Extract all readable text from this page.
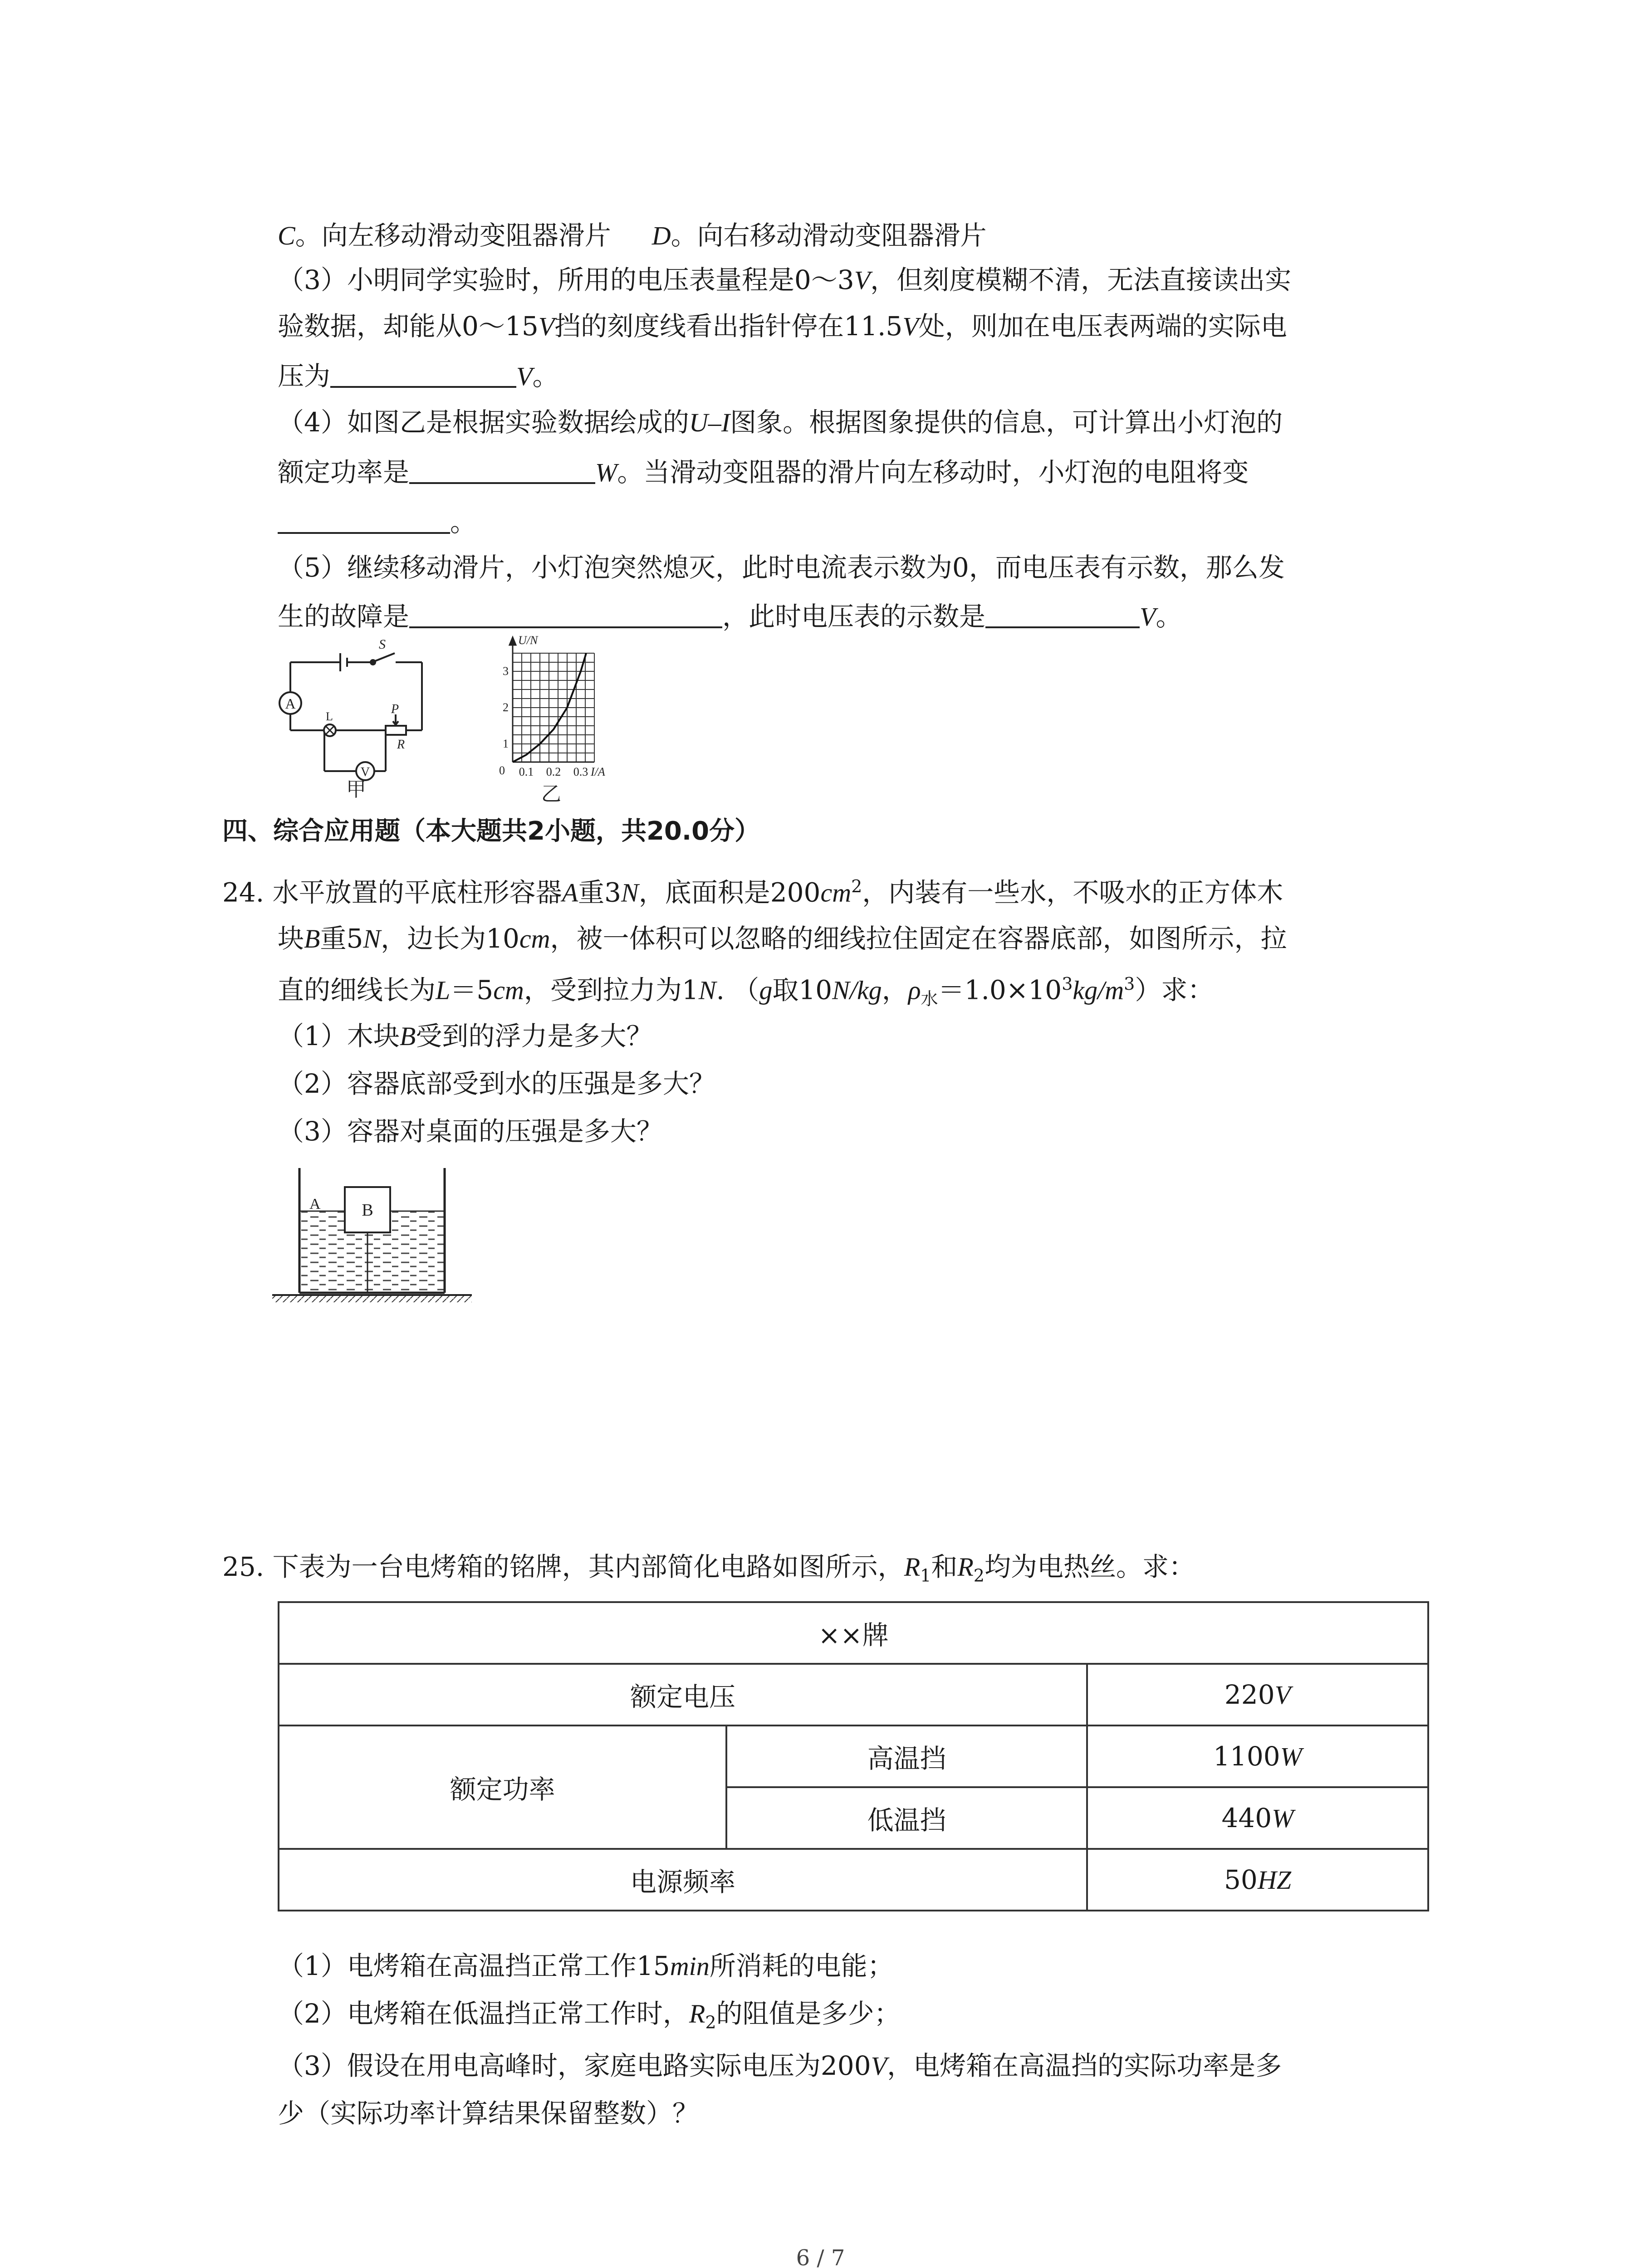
C。向左移动滑动变阻器滑片 D。向右移动滑动变阻器滑片
（3）小明同学实验时，所用的电压表量程是0～3V，但刻度模糊不清，无法直接读出实
验数据，却能从0～15V挡的刻度线看出指针停在11.5V处，则加在电压表两端的实际电
压为	V。
（4）如图乙是根据实验数据绘成的U–I图象。根据图象提供的信息，可计算出小灯泡的
额定功率是	W。当滑动变阻器的滑片向左移动时，小灯泡的电阻将变
。
（5）继续移动滑片，小灯泡突然熄灭，此时电流表示数为0，而电压表有示数，那么发
生的故障是	，此时电压表的示数是	V。
A
V
S
L
P
R
甲
U/N
0
1
2
3
0.1 0.2 0.3 I/A
乙
四、综合应用题（本大题共2小题，共20.0分）
24. 水平放置的平底柱形容器A重3N，底面积是$200cm^2$，内装有一些水，不吸水的正方体木
块B重5N，边长为10cm，被一体积可以忽略的细线拉住固定在容器底部，如图所示，拉
直的细线长为L＝5cm，受到拉力为1N. （g取10N/kg，$\rho_水=1.0\times 10^3kg/m^3$）求：
（1）木块B受到的浮力是多大？
（2）容器底部受到水的压强是多大？
（3）容器对桌面的压强是多大？
A B
25. 下表为一台电烤箱的铭牌，其内部简化电路如图所示，$R_1$和$R_2$均为电热丝。求：
××牌		
额定电压		220V
额定功率	高温挡	1100W
	低温挡	440W
电源频率		50HZ
（1）电烤箱在高温挡正常工作15min所消耗的电能；
（2）电烤箱在低温挡正常工作时，$R_2$的阻值是多少；
（3）假设在用电高峰时，家庭电路实际电压为200V，电烤箱在高温挡的实际功率是多
少（实际功率计算结果保留整数）？
6 / 7
